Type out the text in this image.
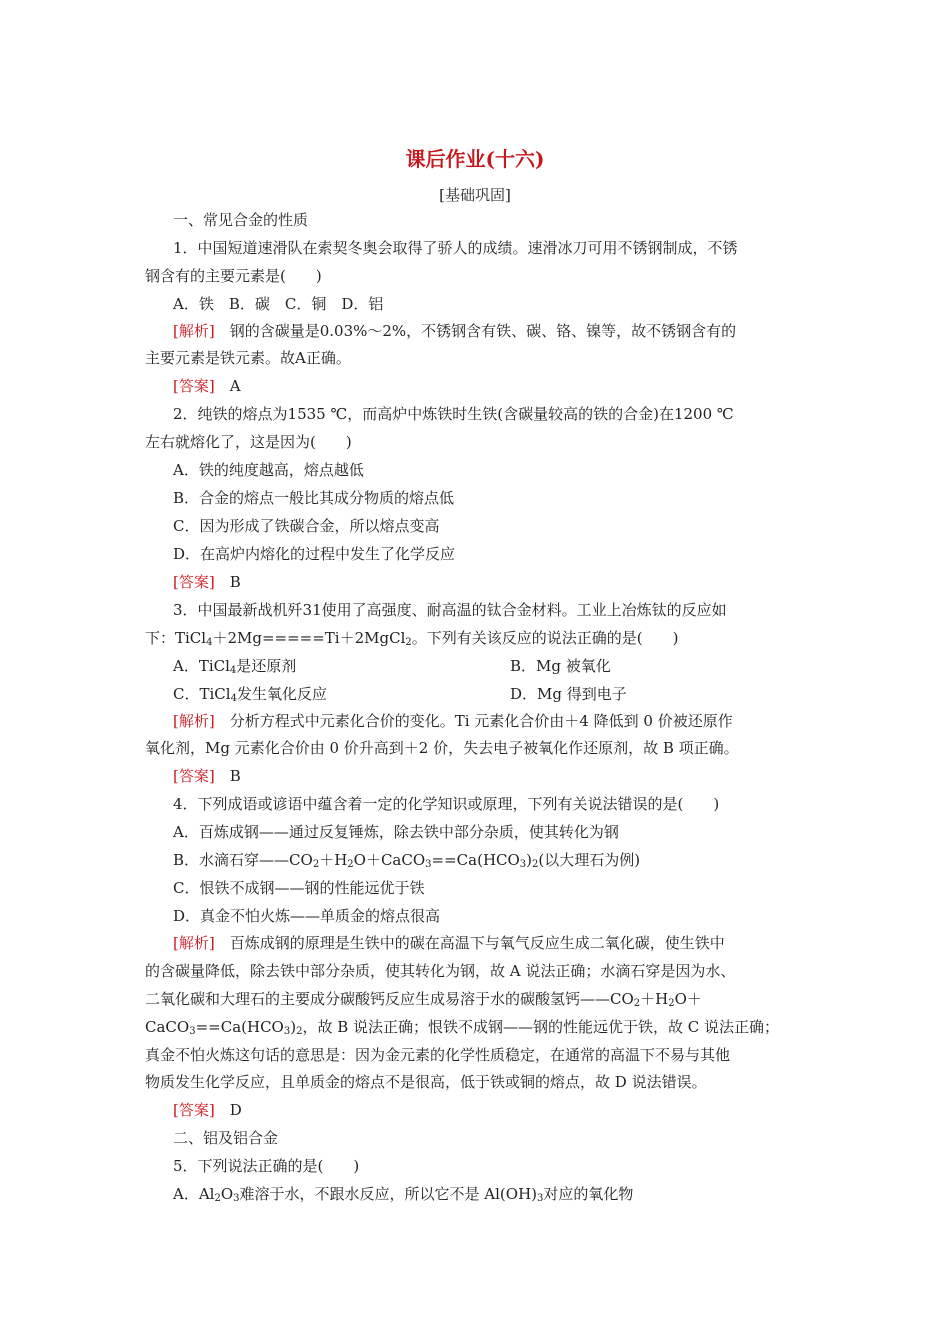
课后作业(十六)
[基础巩固]
一、常见合金的性质
1．中国短道速滑队在索契冬奥会取得了骄人的成绩。速滑冰刀可用不锈钢制成，不锈
钢含有的主要元素是(　　)
A．铁　B．碳　C．铜　D．铝
[解析]　 钢的含碳量是0.03%～2%，不锈钢含有铁、碳、铬、镍等，故不锈钢含有的
主要元素是铁元素。故A正确。
[答案]　 A
2．纯铁的熔点为1535 ℃，而高炉中炼铁时生铁(含碳量较高的铁的合金)在1200 ℃
左右就熔化了，这是因为(　　)
A．铁的纯度越高，熔点越低
B．合金的熔点一般比其成分物质的熔点低
C．因为形成了铁碳合金，所以熔点变高
D．在高炉内熔化的过程中发生了化学反应
[答案]　 B
3．中国最新战机歼31使用了高强度、耐高温的钛合金材料。工业上冶炼钛的反应如
下：TiCl$_4$＋2Mg=====Ti＋2MgCl$_2$。下列有关该反应的说法正确的是(　　)
A．TiCl$_4$是还原剂	B．Mg 被氧化
C．TiCl$_4$发生氧化反应	D．Mg 得到电子
[解析]　 分析方程式中元素化合价的变化。Ti 元素化合价由＋4 降低到 0 价被还原作
氧化剂，Mg 元素化合价由 0 价升高到＋2 价，失去电子被氧化作还原剂，故 B 项正确。
[答案]　 B
4．下列成语或谚语中蕴含着一定的化学知识或原理，下列有关说法错误的是(　　)
A．百炼成钢——通过反复锤炼，除去铁中部分杂质，使其转化为钢
B．水滴石穿$——CO_2+H_2O+CaCO_3==Ca(HCO_3)_2$(以大理石为例)
C．恨铁不成钢——钢的性能远优于铁
D．真金不怕火炼——单质金的熔点很高
[解析]　 百炼成钢的原理是生铁中的碳在高温下与氧气反应生成二氧化碳，使生铁中
的含碳量降低，除去铁中部分杂质，使其转化为钢，故 A 说法正确；水滴石穿是因为水、
二氧化碳和大理石的主要成分碳酸钙反应生成易溶于水的碳酸氢钙$——CO_2+H_2O+$
$CaCO_3==Ca(HCO_3)_2$，故 B 说法正确；恨铁不成钢——钢的性能远优于铁，故 C 说法正确；
真金不怕火炼这句话的意思是：因为金元素的化学性质稳定，在通常的高温下不易与其他
物质发生化学反应，且单质金的熔点不是很高，低于铁或铜的熔点，故 D 说法错误。
[答案]　 D
二、铝及铝合金
5．下列说法正确的是(　　)
A．$Al_2O_3$难溶于水，不跟水反应，所以它不是 $Al(OH)_3$对应的氧化物
